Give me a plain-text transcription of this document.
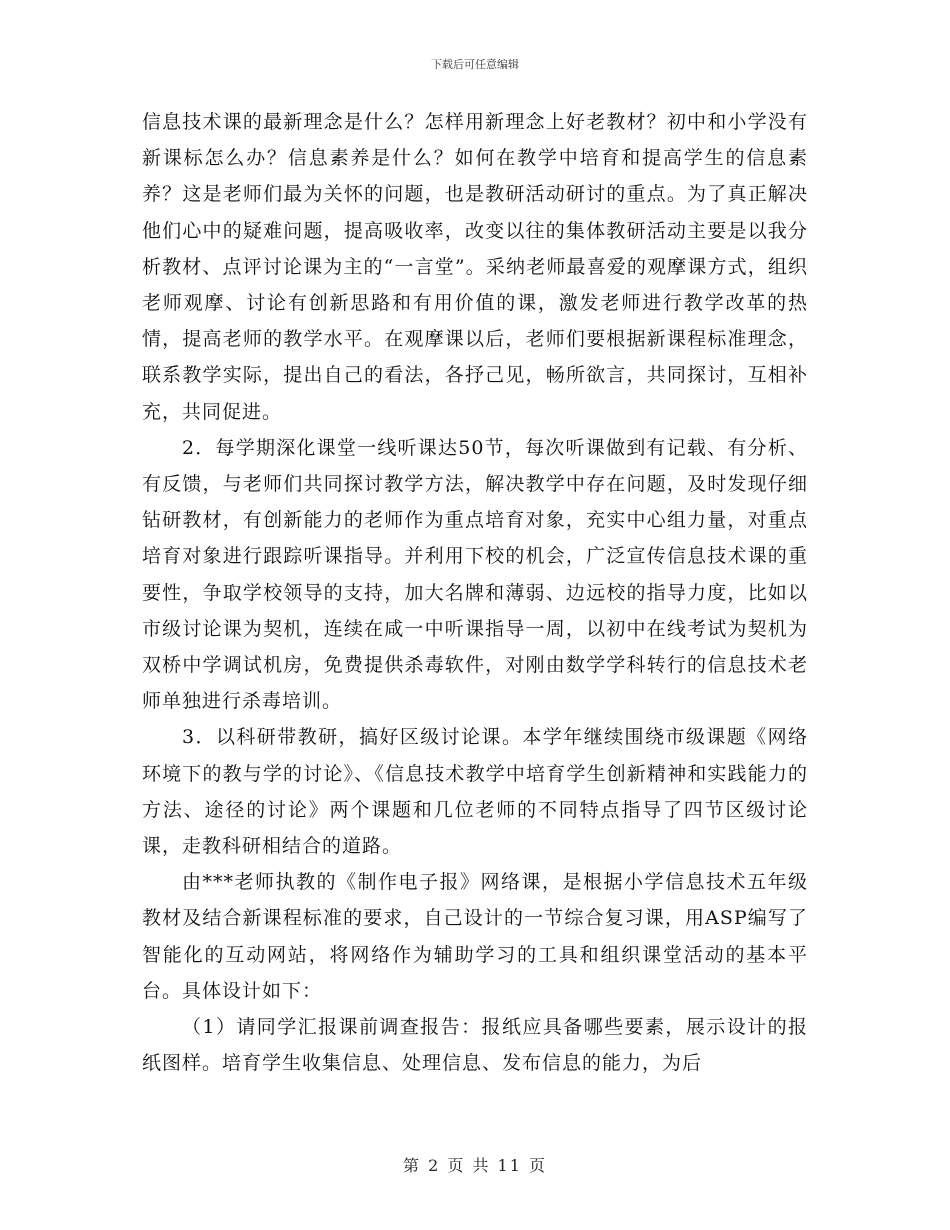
下载后可任意编辑

信息技术课的最新理念是什么？怎样用新理念上好老教材？初中和小学没有新课标怎么办？信息素养是什么？如何在教学中培育和提高学生的信息素养？这是老师们最为关怀的问题，也是教研活动研讨的重点。为了真正解决他们心中的疑难问题，提高吸收率，改变以往的集体教研活动主要是以我分析教材、点评讨论课为主的“一言堂”。采纳老师最喜爱的观摩课方式，组织老师观摩、讨论有创新思路和有用价值的课，激发老师进行教学改革的热情，提高老师的教学水平。在观摩课以后，老师们要根据新课程标准理念，联系教学实际，提出自己的看法，各抒己见，畅所欲言，共同探讨，互相补充，共同促进。

2．每学期深化课堂一线听课达50节，每次听课做到有记载、有分析、有反馈，与老师们共同探讨教学方法，解决教学中存在问题，及时发现仔细钻研教材，有创新能力的老师作为重点培育对象，充实中心组力量，对重点培育对象进行跟踪听课指导。并利用下校的机会，广泛宣传信息技术课的重要性，争取学校领导的支持，加大名牌和薄弱、边远校的指导力度，比如以市级讨论课为契机，连续在咸一中听课指导一周，以初中在线考试为契机为双桥中学调试机房，免费提供杀毒软件，对刚由数学学科转行的信息技术老师单独进行杀毒培训。

3．以科研带教研，搞好区级讨论课。本学年继续围绕市级课题《网络环境下的教与学的讨论》、《信息技术教学中培育学生创新精神和实践能力的方法、途径的讨论》两个课题和几位老师的不同特点指导了四节区级讨论课，走教科研相结合的道路。

由***老师执教的《制作电子报》网络课，是根据小学信息技术五年级教材及结合新课程标准的要求，自己设计的一节综合复习课，用ASP编写了智能化的互动网站，将网络作为辅助学习的工具和组织课堂活动的基本平台。具体设计如下：

（1）请同学汇报课前调查报告：报纸应具备哪些要素，展示设计的报纸图样。培育学生收集信息、处理信息、发布信息的能力，为后

第 2 页 共 11 页
